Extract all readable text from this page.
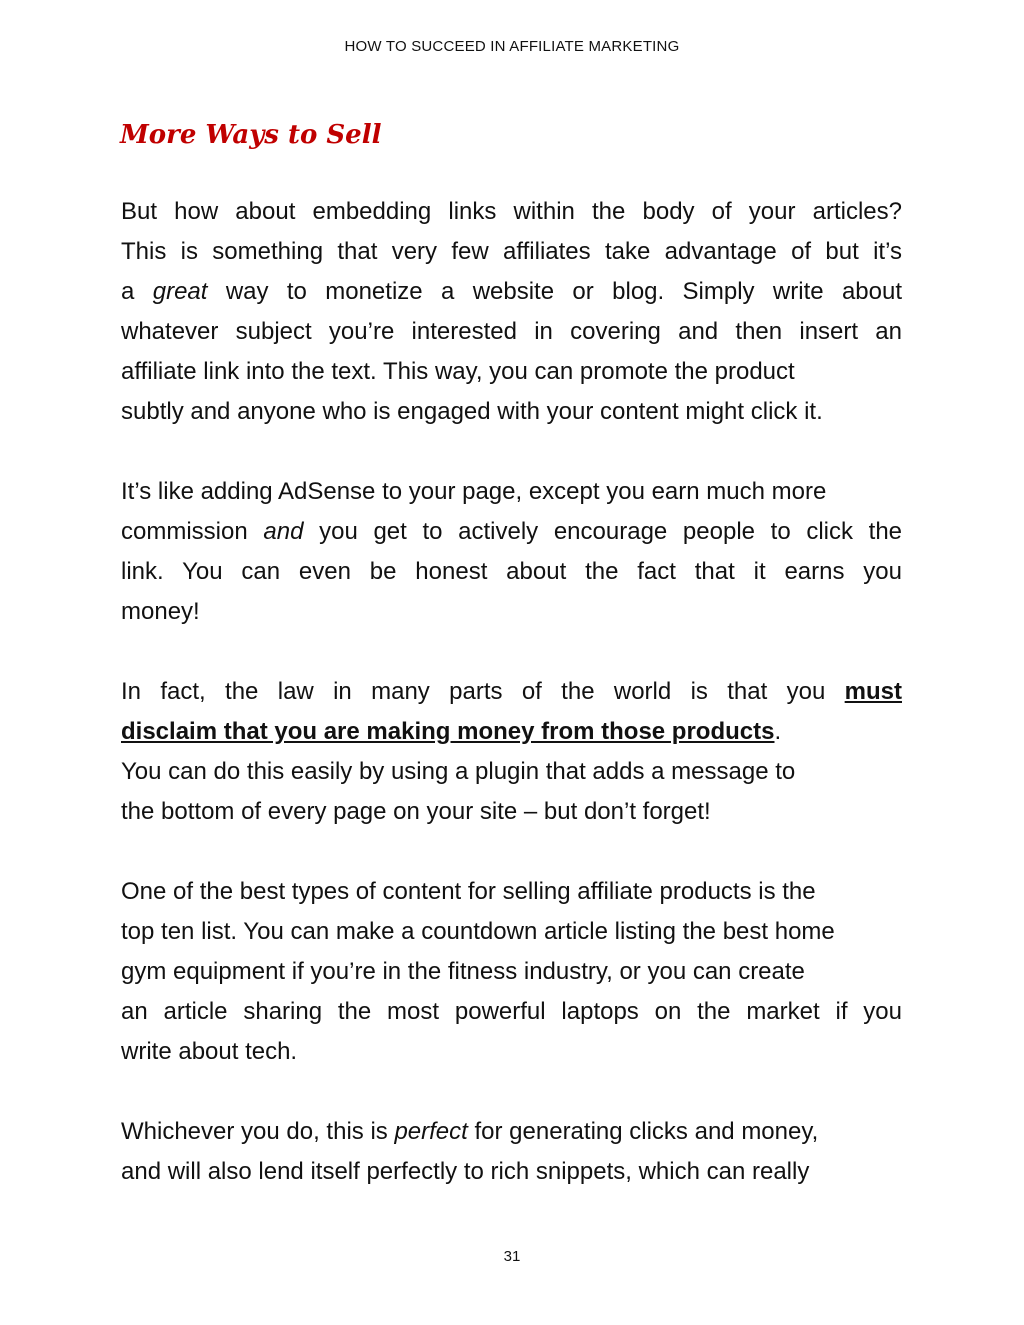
HOW TO SUCCEED IN AFFILIATE MARKETING
More Ways to Sell

But how about embedding links within the body of your articles?
This is something that very few affiliates take advantage of but it’s
a great way to monetize a website or blog. Simply write about
whatever subject you’re interested in covering and then insert an
affiliate link into the text. This way, you can promote the product
subtly and anyone who is engaged with your content might click it.

It’s like adding AdSense to your page, except you earn much more
commission and you get to actively encourage people to click the
link. You can even be honest about the fact that it earns you
money!

In fact, the law in many parts of the world is that you must
disclaim that you are making money from those products.
You can do this easily by using a plugin that adds a message to
the bottom of every page on your site – but don’t forget!

One of the best types of content for selling affiliate products is the
top ten list. You can make a countdown article listing the best home
gym equipment if you’re in the fitness industry, or you can create
an article sharing the most powerful laptops on the market if you
write about tech.

Whichever you do, this is perfect for generating clicks and money,
and will also lend itself perfectly to rich snippets, which can really

31
